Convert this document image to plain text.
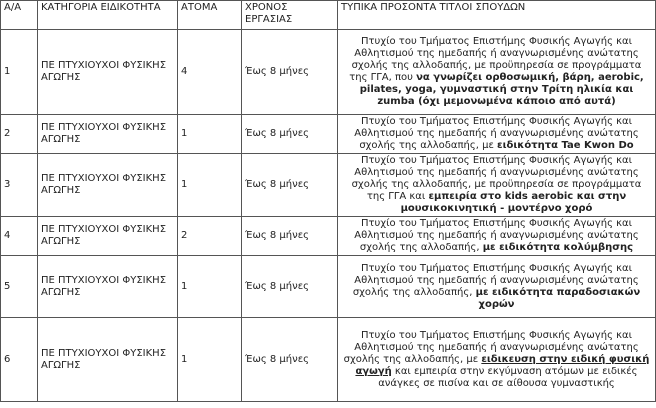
Α/Α	ΚΑΤΗΓΟΡΙΑ ΕΙΔΙΚΟΤΗΤΑ	ΑΤΟΜΑ	ΧΡΟΝΟΣ ΕΡΓΑΣΙΑΣ	ΤΥΠΙΚΑ ΠΡΟΣΟΝΤΑ ΤΙΤΛΟΙ ΣΠΟΥΔΩΝ
1	ΠΕ ΠΤΥΧΙΟΥΧΟΙ ΦΥΣΙΚΗΣ ΑΓΩΓΗΣ	4	Έως 8 μήνες	Πτυχίο του Τμήματος Επιστήμης Φυσικής Αγωγής και Αθλητισμού της ημεδαπής ή αναγνωρισμένης ανώτατης σχολής της αλλοδαπής, με προϋπηρεσία σε προγράμματα της ΓΓΑ, που να γνωρίζει ορθοσωμική, βάρη, aerobic, pilates, yoga, γυμναστική στην Τρίτη ηλικία και zumba (όχι μεμονωμένα κάποιο από αυτά)
2	ΠΕ ΠΤΥΧΙΟΥΧΟΙ ΦΥΣΙΚΗΣ ΑΓΩΓΗΣ	1	Έως 8 μήνες	Πτυχίο του Τμήματος Επιστήμης Φυσικής Αγωγής και Αθλητισμού της ημεδαπής ή αναγνωρισμένης ανώτατης σχολής της αλλοδαπής, με ειδικότητα Tae Kwon Do
3	ΠΕ ΠΤΥΧΙΟΥΧΟΙ ΦΥΣΙΚΗΣ ΑΓΩΓΗΣ	1	Έως 8 μήνες	Πτυχίο του Τμήματος Επιστήμης Φυσικής Αγωγής και Αθλητισμού της ημεδαπής ή αναγνωρισμένης ανώτατης σχολής της αλλοδαπής, με προϋπηρεσία σε προγράμματα της ΓΓΑ και εμπειρία στο kids aerobic και στην μουσικοκινητική - μοντέρνο χορό
4	ΠΕ ΠΤΥΧΙΟΥΧΟΙ ΦΥΣΙΚΗΣ ΑΓΩΓΗΣ	2	Έως 8 μήνες	Πτυχίο του Τμήματος Επιστήμης Φυσικής Αγωγής και Αθλητισμού της ημεδαπής ή αναγνωρισμένης ανώτατης σχολής της αλλοδαπής, με ειδικότητα κολύμβησης
5	ΠΕ ΠΤΥΧΙΟΥΧΟΙ ΦΥΣΙΚΗΣ ΑΓΩΓΗΣ	1	Έως 8 μήνες	Πτυχίο του Τμήματος Επιστήμης Φυσικής Αγωγής και Αθλητισμού της ημεδαπής ή αναγνωρισμένης ανώτατης σχολής της αλλοδαπής, με ειδικότητα παραδοσιακών χορών
6	ΠΕ ΠΤΥΧΙΟΥΧΟΙ ΦΥΣΙΚΗΣ ΑΓΩΓΗΣ	1	Έως 8 μήνες	Πτυχίο του Τμήματος Επιστήμης Φυσικής Αγωγής και Αθλητισμού της ημεδαπής ή αναγνωρισμένης ανώτατης σχολής της αλλοδαπής, με ειδικευση στην ειδική φυσική αγωγή και εμπειρία στην εκγύμναση ατόμων με ειδικές ανάγκες σε πισίνα και σε αίθουσα γυμναστικής
